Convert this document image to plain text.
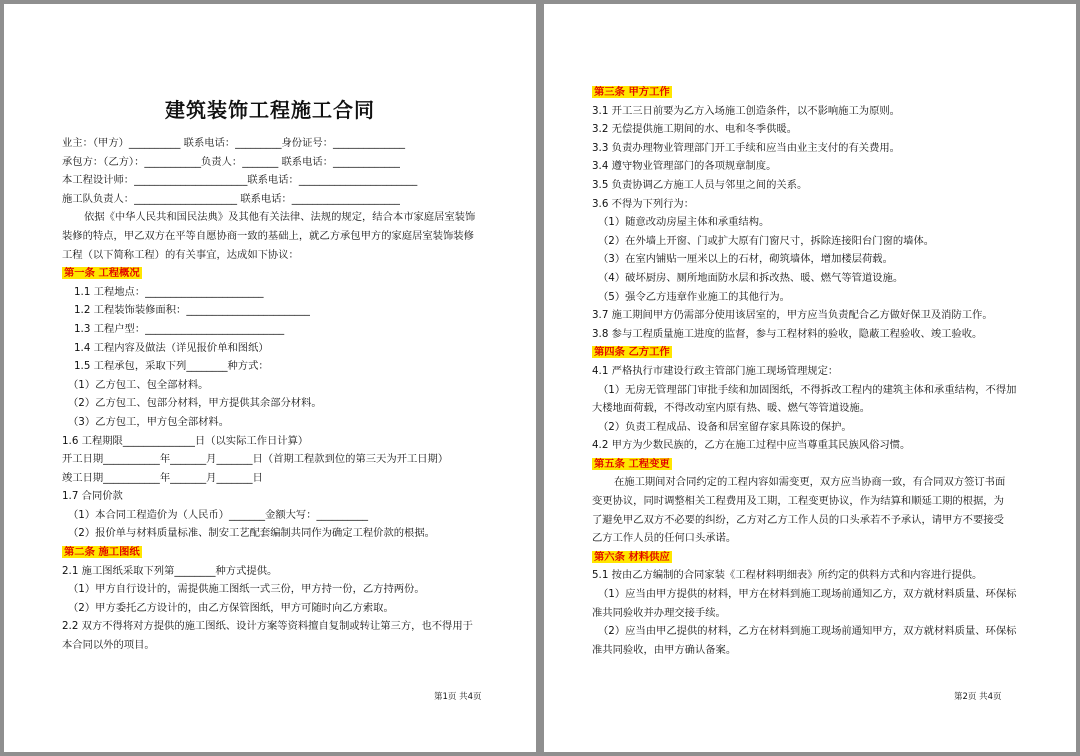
建筑装饰工程施工合同
业主：（甲方）__________ 联系电话：_________身份证号：______________
承包方：（乙方）：___________负责人：_______ 联系电话：_____________
本工程设计师：______________________联系电话：_______________________
施工队负责人：____________________ 联系电话：_____________________
依据《中华人民共和国民法典》及其他有关法律、法规的规定，结合本市家庭居室装饰
装修的特点，甲乙双方在平等自愿协商一致的基础上，就乙方承包甲方的家庭居室装饰装修
工程（以下简称工程）的有关事宜，达成如下协议：
第一条 工程概况
1.1 工程地点：_______________________
1.2 工程装饰装修面积：________________________
1.3 工程户型：___________________________
1.4 工程内容及做法（详见报价单和图纸）
1.5 工程承包，采取下列________种方式：
（1）乙方包工、包全部材料。
（2）乙方包工、包部分材料，甲方提供其余部分材料。
（3）乙方包工，甲方包全部材料。
1.6 工程期限______________日（以实际工作日计算）
开工日期___________年_______月_______日（首期工程款到位的第三天为开工日期）
竣工日期___________年_______月_______日
1.7 合同价款
（1）本合同工程造价为（人民币）_______金额大写：__________
（2）报价单与材料质量标准、制安工艺配套编制共同作为确定工程价款的根据。
第二条 施工图纸
2.1 施工图纸采取下列第________种方式提供。
（1）甲方自行设计的，需提供施工图纸一式三份，甲方持一份，乙方持两份。
（2）甲方委托乙方设计的，由乙方保管图纸，甲方可随时向乙方索取。
2.2 双方不得将对方提供的施工图纸、设计方案等资料擅自复制或转让第三方，也不得用于
本合同以外的项目。
第1页 共4页
第三条 甲方工作
3.1 开工三日前要为乙方入场施工创造条件，以不影响施工为原则。
3.2 无偿提供施工期间的水、电和冬季供暖。
3.3 负责办理物业管理部门开工手续和应当由业主支付的有关费用。
3.4 遵守物业管理部门的各项规章制度。
3.5 负责协调乙方施工人员与邻里之间的关系。
3.6 不得为下列行为：
（1）随意改动房屋主体和承重结构。
（2）在外墙上开窗、门或扩大原有门窗尺寸，拆除连接阳台门窗的墙体。
（3）在室内铺贴一厘米以上的石材，砌筑墙体，增加楼层荷载。
（4）破坏厨房、厕所地面防水层和拆改热、暖、燃气等管道设施。
（5）强令乙方违章作业施工的其他行为。
3.7 施工期间甲方仍需部分使用该居室的，甲方应当负责配合乙方做好保卫及消防工作。
3.8 参与工程质量施工进度的监督，参与工程材料的验收，隐蔽工程验收、竣工验收。
第四条 乙方工作
4.1 严格执行市建设行政主管部门施工现场管理规定：
（1）无房无管理部门审批手续和加固图纸，不得拆改工程内的建筑主体和承重结构，不得加
大楼地面荷载，不得改动室内原有热、暖、燃气等管道设施。
（2）负责工程成品、设备和居室留存家具陈设的保护。
4.2 甲方为少数民族的，乙方在施工过程中应当尊重其民族风俗习惯。
第五条 工程变更
在施工期间对合同约定的工程内容如需变更，双方应当协商一致，有合同双方签订书面
变更协议，同时调整相关工程费用及工期，工程变更协议，作为结算和顺延工期的根据，为
了避免甲乙双方不必要的纠纷，乙方对乙方工作人员的口头承若不予承认，请甲方不要接受
乙方工作人员的任何口头承诺。
第六条 材料供应
5.1 按由乙方编制的合同家装《工程材料明细表》所约定的供料方式和内容进行提供。
（1）应当由甲方提供的材料，甲方在材料到施工现场前通知乙方，双方就材料质量、环保标
准共同验收并办理交接手续。
（2）应当由甲乙提供的材料，乙方在材料到施工现场前通知甲方，双方就材料质量、环保标
准共同验收，由甲方确认备案。
第2页 共4页
